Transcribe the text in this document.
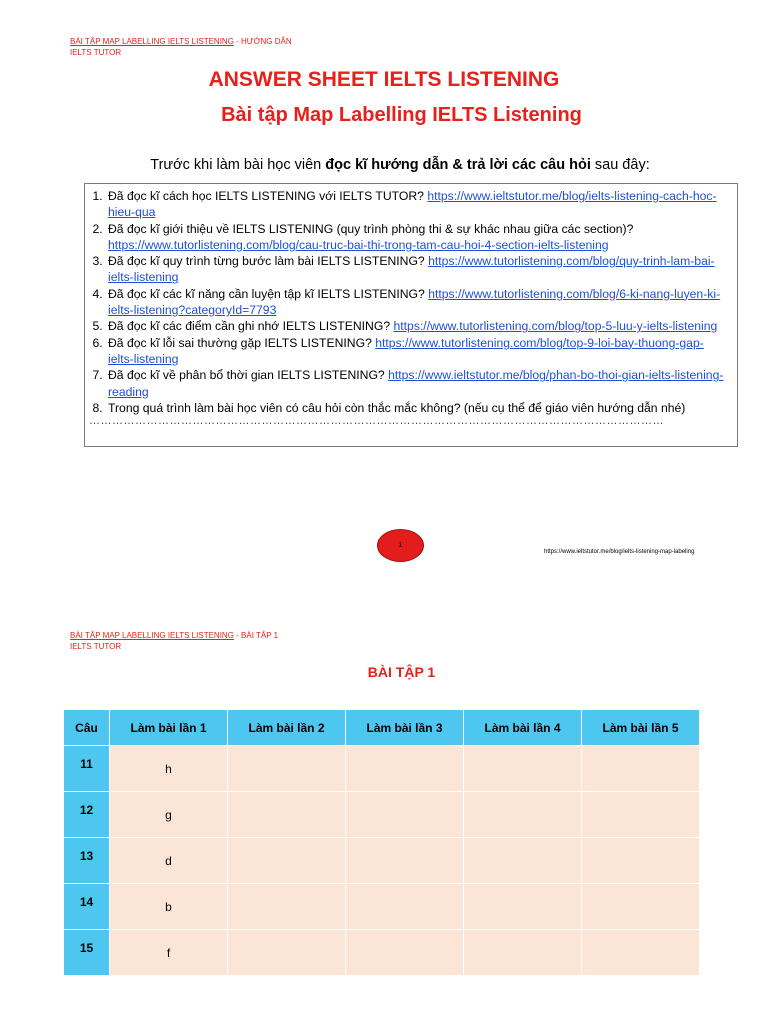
BÀI TẬP MAP LABELLING IELTS LISTENING - HƯỚNG DẪN
IELTS TUTOR
ANSWER SHEET IELTS LISTENING
Bài tập Map Labelling IELTS Listening
Trước khi làm bài học viên đọc kĩ hướng dẫn & trả lời các câu hỏi sau đây:
1. Đã đọc kĩ cách học IELTS LISTENING với IELTS TUTOR? https://www.ieltstutor.me/blog/ielts-listening-cach-hoc-hieu-qua
2. Đã đọc kĩ giới thiệu về IELTS LISTENING (quy trình phòng thi & sự khác nhau giữa các section)? https://www.tutorlistening.com/blog/cau-truc-bai-thi-trong-tam-cau-hoi-4-section-ielts-listening
3. Đã đọc kĩ quy trình từng bước làm bài IELTS LISTENING? https://www.tutorlistening.com/blog/quy-trinh-lam-bai-ielts-listening
4. Đã đọc kĩ các kĩ năng cần luyện tập kĩ IELTS LISTENING? https://www.tutorlistening.com/blog/6-ki-nang-luyen-ki-ielts-listening?categoryId=7793
5. Đã đọc kĩ các điểm cần ghi nhớ IELTS LISTENING? https://www.tutorlistening.com/blog/top-5-luu-y-ielts-listening
6. Đã đọc kĩ lỗi sai thường gặp IELTS LISTENING? https://www.tutorlistening.com/blog/top-9-loi-bay-thuong-gap-ielts-listening
7. Đã đọc kĩ về phân bổ thời gian IELTS LISTENING? https://www.ieltstutor.me/blog/phan-bo-thoi-gian-ielts-listening-reading
8. Trong quá trình làm bài học viên có câu hỏi còn thắc mắc không? (nếu cụ thể để giáo viên hướng dẫn nhé)
……………………………………………………………………………………………………………………………………
1
https://www.ieltstutor.me/blog/ielts-listening-map-labeling
BÀI TẬP MAP LABELLING IELTS LISTENING - BÀI TẬP 1
IELTS TUTOR
BÀI TẬP 1
Câu	Làm bài lần 1	Làm bài lần 2	Làm bài lần 3	Làm bài lần 4	Làm bài lần 5
11	h				
12	g				
13	d				
14	b				
15	f				
